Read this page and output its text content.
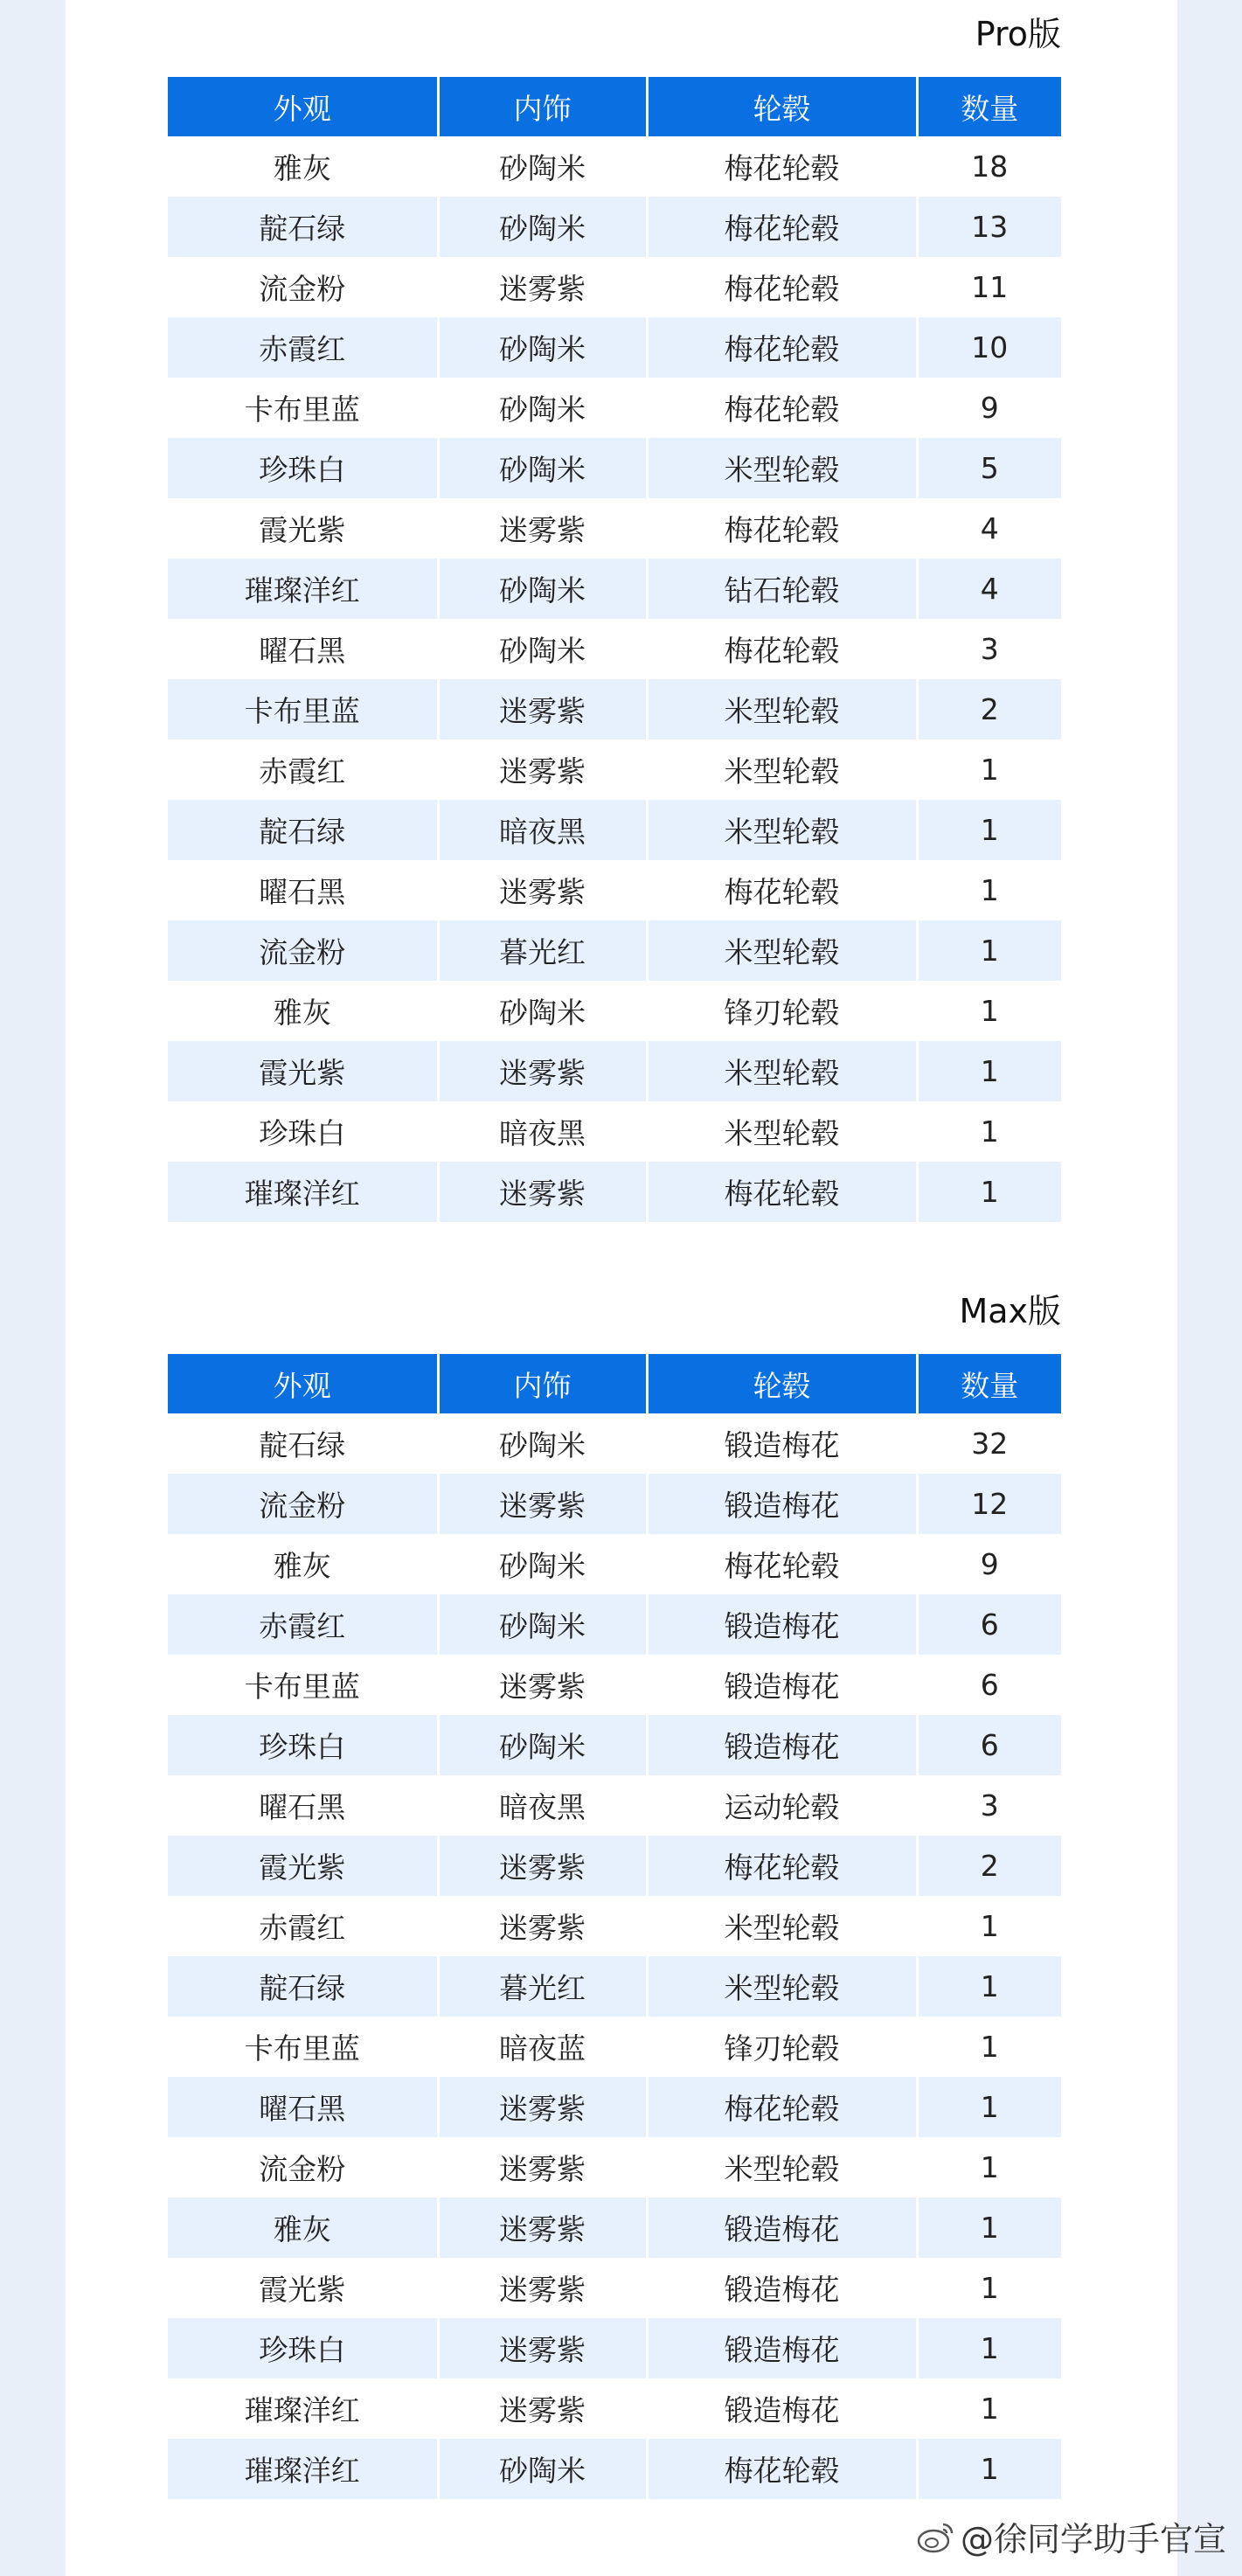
Pro版
外观	内饰	轮毂	数量
雅灰	砂陶米	梅花轮毂	18
靛石绿	砂陶米	梅花轮毂	13
流金粉	迷雾紫	梅花轮毂	11
赤霞红	砂陶米	梅花轮毂	10
卡布里蓝	砂陶米	梅花轮毂	9
珍珠白	砂陶米	米型轮毂	5
霞光紫	迷雾紫	梅花轮毂	4
璀璨洋红	砂陶米	钻石轮毂	4
曜石黑	砂陶米	梅花轮毂	3
卡布里蓝	迷雾紫	米型轮毂	2
赤霞红	迷雾紫	米型轮毂	1
靛石绿	暗夜黑	米型轮毂	1
曜石黑	迷雾紫	梅花轮毂	1
流金粉	暮光红	米型轮毂	1
雅灰	砂陶米	锋刃轮毂	1
霞光紫	迷雾紫	米型轮毂	1
珍珠白	暗夜黑	米型轮毂	1
璀璨洋红	迷雾紫	梅花轮毂	1
Max版
外观	内饰	轮毂	数量
靛石绿	砂陶米	锻造梅花	32
流金粉	迷雾紫	锻造梅花	12
雅灰	砂陶米	梅花轮毂	9
赤霞红	砂陶米	锻造梅花	6
卡布里蓝	迷雾紫	锻造梅花	6
珍珠白	砂陶米	锻造梅花	6
曜石黑	暗夜黑	运动轮毂	3
霞光紫	迷雾紫	梅花轮毂	2
赤霞红	迷雾紫	米型轮毂	1
靛石绿	暮光红	米型轮毂	1
卡布里蓝	暗夜蓝	锋刃轮毂	1
曜石黑	迷雾紫	梅花轮毂	1
流金粉	迷雾紫	米型轮毂	1
雅灰	迷雾紫	锻造梅花	1
霞光紫	迷雾紫	锻造梅花	1
珍珠白	迷雾紫	锻造梅花	1
璀璨洋红	迷雾紫	锻造梅花	1
璀璨洋红	砂陶米	梅花轮毂	1
@徐同学助手官宣
